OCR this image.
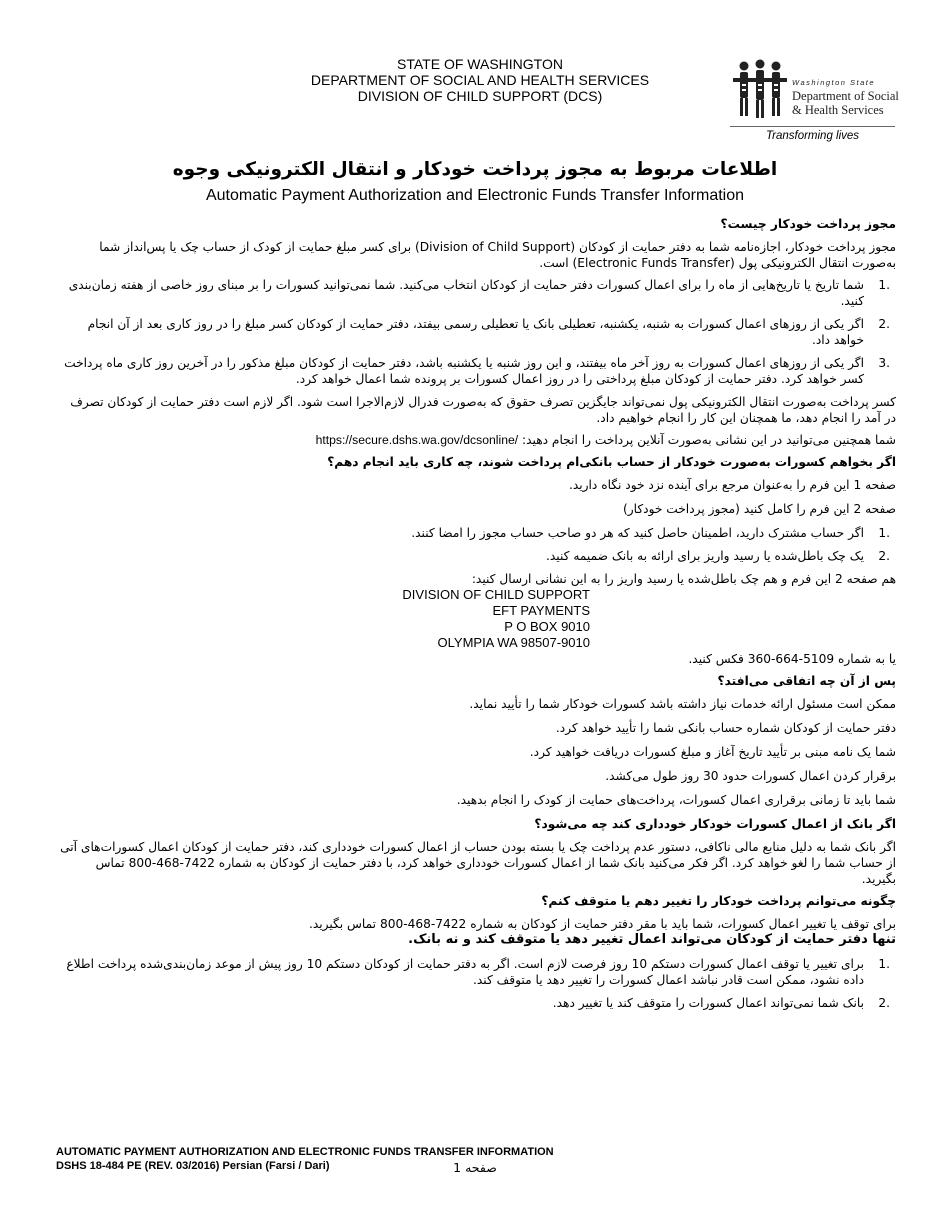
STATE OF WASHINGTON
DEPARTMENT OF SOCIAL AND HEALTH SERVICES
DIVISION OF CHILD SUPPORT (DCS)
Washington State
Department of Social
& Health Services
Transforming lives
اطلاعات مربوط به مجوز پرداخت خودکار و انتقال الکترونیکی وجوه
Automatic Payment Authorization and Electronic Funds Transfer Information

مجوز پرداخت خودکار چیست؟

مجوز پرداخت خودکار، اجازه‌نامه شما به دفتر حمایت از کودکان (Division of Child Support) برای کسر مبلغ حمایت از کودک از حساب چک یا پس‌انداز شما به‌صورت انتقال الکترونیکی پول (Electronic Funds Transfer) است.

1.
شما تاریخ یا تاریخ‌هایی از ماه را برای اعمال کسورات دفتر حمایت از کودکان انتخاب می‌کنید. شما نمی‌توانید کسورات را بر مبنای روز خاصی از هفته زمان‌بندی کنید.
2.
اگر یکی از روزهای اعمال کسورات به شنبه، یکشنبه، تعطیلی بانک یا تعطیلی رسمی بیفتد، دفتر حمایت از کودکان کسر مبلغ را در روز کاری بعد از آن انجام خواهد داد.
3.
اگر یکی از روزهای اعمال کسورات به روز آخر ماه بیفتند، و این روز شنبه یا یکشنبه باشد، دفتر حمایت از کودکان مبلغ مذکور را در آخرین روز کاری ماه پرداخت کسر خواهد کرد. دفتر حمایت از کودکان مبلغ پرداختی را در روز اعمال کسورات بر پرونده شما اعمال خواهد کرد.

کسر پرداخت به‌صورت انتقال الکترونیکی پول نمی‌تواند جایگزین تصرف حقوق که به‌صورت فدرال لازم‌الاجرا است شود. اگر لازم است دفتر حمایت از کودکان تصرف در آمد را انجام دهد، ما همچنان این کار را انجام خواهیم داد.

شما همچنین می‌توانید در این نشانی به‌صورت آنلاین پرداخت را انجام دهید: https://secure.dshs.wa.gov/dcsonline/

اگر بخواهم کسورات به‌صورت خودکار از حساب بانکی‌ام پرداخت شوند، چه کاری باید انجام دهم؟

صفحه 1 این فرم را به‌عنوان مرجع برای آینده نزد خود نگاه دارید.

صفحه 2 این فرم را کامل کنید (مجوز پرداخت خودکار)

1.
اگر حساب مشترک دارید، اطمینان حاصل کنید که هر دو صاحب حساب مجوز را امضا کنند.
2.
یک چک باطل‌شده یا رسید واریز برای ارائه به بانک ضمیمه کنید.

هم صفحه 2 این فرم و هم چک باطل‌شده یا رسید واریز را به این نشانی ارسال کنید:

DIVISION OF CHILD SUPPORT
EFT PAYMENTS
P O BOX 9010
OLYMPIA WA 98507-9010

یا به شماره 5109-664-360 فکس کنید.

پس از آن چه اتفاقی می‌افتد؟

ممکن است مسئول ارائه خدمات نیاز داشته باشد کسورات خودکار شما را تأیید نماید.

دفتر حمایت از کودکان شماره حساب بانکی شما را تأیید خواهد کرد.

شما یک نامه مبنی بر تأیید تاریخ آغاز و مبلغ کسورات دریافت خواهید کرد.

برقرار کردن اعمال کسورات حدود 30 روز طول می‌کشد.

شما باید تا زمانی برقراری اعمال کسورات، پرداخت‌های حمایت از کودک را انجام بدهید.

اگر بانک از اعمال کسورات خودکار خودداری کند چه می‌شود؟

اگر بانک شما به دلیل منابع مالی ناکافی، دستور عدم پرداخت چک یا بسته بودن حساب از اعمال کسورات خودداری کند، دفتر حمایت از کودکان اعمال کسورات‌های آتی از حساب شما را لغو خواهد کرد. اگر فکر می‌کنید بانک شما از اعمال کسورات خودداری خواهد کرد، با دفتر حمایت از کودکان به شماره 7422-468-800 تماس بگیرید.

چگونه می‌توانم پرداخت خودکار را تغییر دهم یا متوقف کنم؟

برای توقف یا تغییر اعمال کسورات، شما باید با مقر دفتر حمایت از کودکان به شماره 7422-468-800 تماس بگیرید.

تنها دفتر حمایت از کودکان می‌تواند اعمال تغییر دهد یا متوقف کند و نه بانک.

1.
برای تغییر یا توقف اعمال کسورات دستکم 10 روز فرصت لازم است. اگر به دفتر حمایت از کودکان دستکم 10 روز پیش از موعد زمان‌بندی‌شده پرداخت اطلاع داده نشود، ممکن است قادر نباشد اعمال کسورات را تغییر دهد یا متوقف کند.
2.
بانک شما نمی‌تواند اعمال کسورات را متوقف کند یا تغییر دهد.
AUTOMATIC PAYMENT AUTHORIZATION AND ELECTRONIC FUNDS TRANSFER INFORMATION
DSHS 18-484 PE (REV. 03/2016) Persian (Farsi / Dari)	صفحه 1
